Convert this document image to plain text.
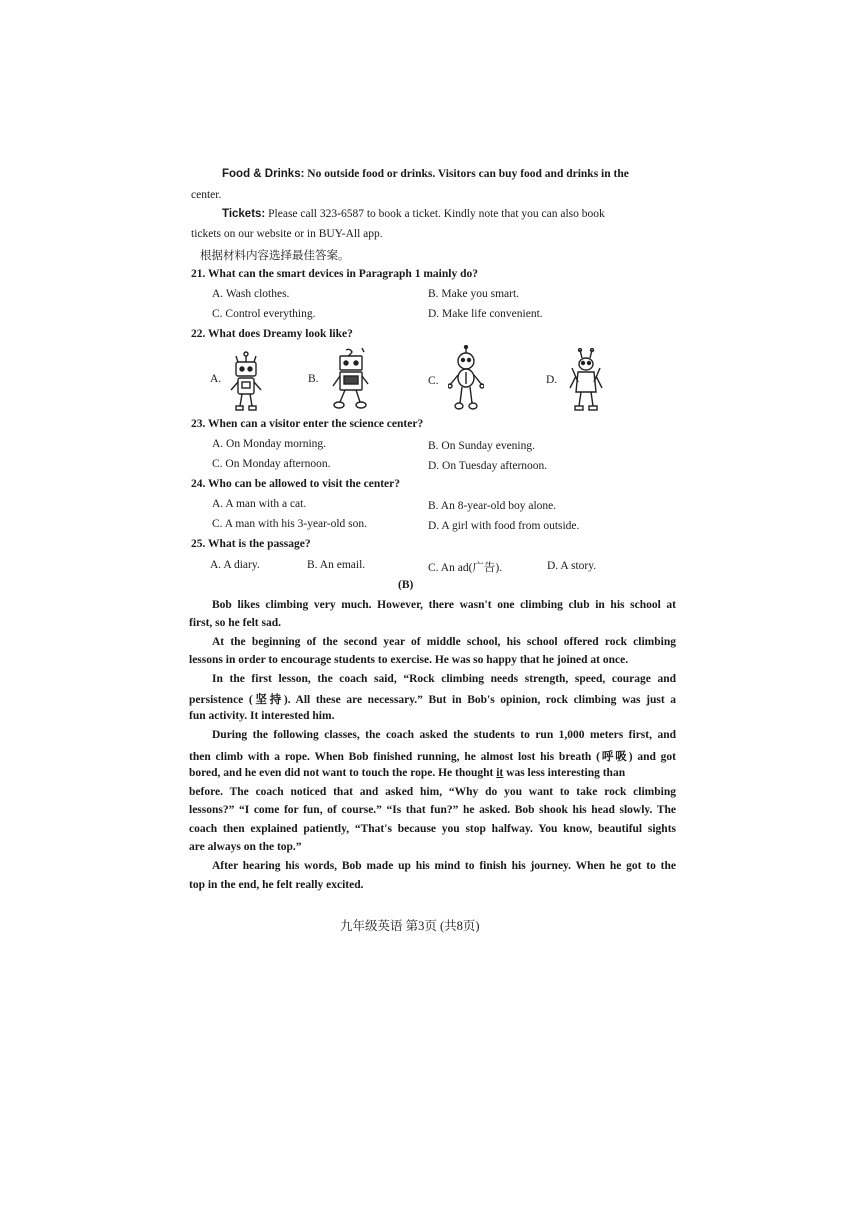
Food & Drinks: No outside food or drinks. Visitors can buy food and drinks in the
center.
Tickets: Please call 323-6587 to book a ticket. Kindly note that you can also book
tickets on our website or in BUY-All app.
根据材料内容选择最佳答案。
21. What can the smart devices in Paragraph 1 mainly do?
A. Wash clothes.	B. Make you smart.
C. Control everything.	D. Make life convenient.
22. What does Dreamy look like?
A.	B.	C.	D.
23. When can a visitor enter the science center?
A. On Monday morning.	B. On Sunday evening.
C. On Monday afternoon.	D. On Tuesday afternoon.
24. Who can be allowed to visit the center?
A. A man with a cat.	B. An 8-year-old boy alone.
C. A man with his 3-year-old son.	D. A girl with food from outside.
25. What is the passage?
A. A diary.	B. An email.	C. An ad(广告).	D. A story.
(B)
Bob likes climbing very much. However, there wasn't one climbing club in his school at
first, so he felt sad.
At the beginning of the second year of middle school, his school offered rock climbing
lessons in order to encourage students to exercise. He was so happy that he joined at once.
In the first lesson, the coach said, “Rock climbing needs strength, speed, courage and
persistence (坚持). All these are necessary.” But in Bob's opinion, rock climbing was just a
fun activity. It interested him.
During the following classes, the coach asked the students to run 1,000 meters first, and
then climb with a rope. When Bob finished running, he almost lost his breath (呼吸) and got
bored, and he even did not want to touch the rope. He thought it was less interesting than
before. The coach noticed that and asked him, “Why do you want to take rock climbing
lessons?” “I come for fun, of course.” “Is that fun?” he asked. Bob shook his head slowly. The
coach then explained patiently, “That's because you stop halfway. You know, beautiful sights
are always on the top.”
After hearing his words, Bob made up his mind to finish his journey. When he got to the
top in the end, he felt really excited.
九年级英语 第3页 (共8页)
